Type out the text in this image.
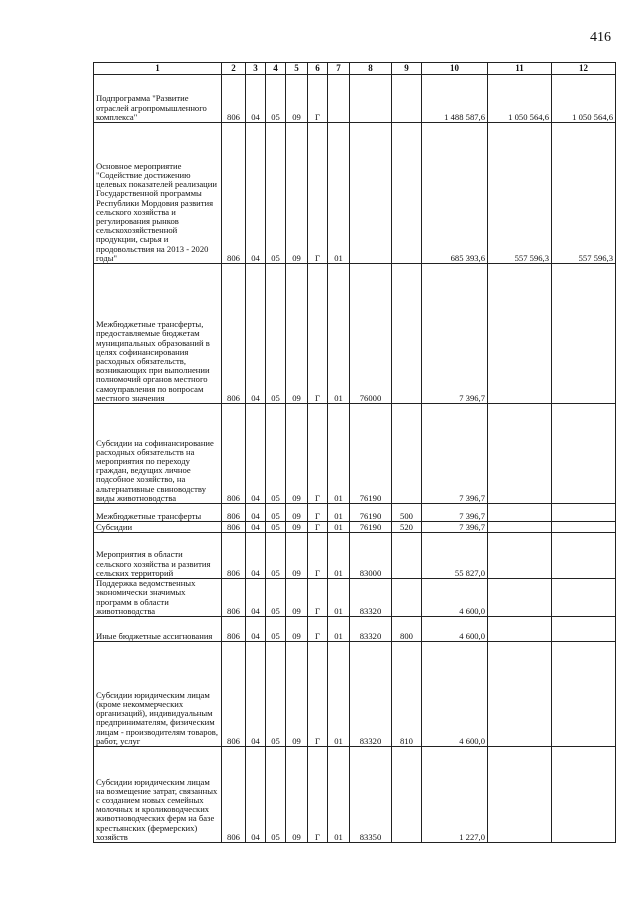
416
1	2	3	4	5	6	7	8	9	10	11	12
Подпрограмма "Развитие отраслей агропромышленного комплекса"	806	04	05	09	Г				1 488 587,6	1 050 564,6	1 050 564,6
Основное мероприятие "Содействие достижению целевых показателей реализации Государственной программы Республики Мордовия развития сельского хозяйства и регулирования рынков сельскохозяйственной продукции, сырья и продовольствия на 2013 - 2020 годы"	806	04	05	09	Г	01			685 393,6	557 596,3	557 596,3
Межбюджетные трансферты, предоставляемые бюджетам муниципальных образований в целях софинансирования расходных обязательств, возникающих при выполнении полномочий органов местного самоуправления по вопросам местного значения	806	04	05	09	Г	01	76000		7 396,7		
Субсидии на софинансирование расходных обязательств на мероприятия по переходу граждан, ведущих личное подсобное хозяйство, на альтернативные свиноводству виды животноводства	806	04	05	09	Г	01	76190		7 396,7		
Межбюджетные трансферты	806	04	05	09	Г	01	76190	500	7 396,7		
Субсидии	806	04	05	09	Г	01	76190	520	7 396,7		
Мероприятия в области сельского хозяйства и развития сельских территорий	806	04	05	09	Г	01	83000		55 827,0		
Поддержка ведомственных экономически значимых программ в области животноводства	806	04	05	09	Г	01	83320		4 600,0		
Иные бюджетные ассигнования	806	04	05	09	Г	01	83320	800	4 600,0		
Субсидии юридическим лицам (кроме некоммерческих организаций), индивидуальным предпринимателям, физическим лицам - производителям товаров, работ, услуг	806	04	05	09	Г	01	83320	810	4 600,0		
Субсидии юридическим лицам на возмещение затрат, связанных с созданием новых семейных молочных и кролиководческих животноводческих ферм на базе крестьянских (фермерских) хозяйств	806	04	05	09	Г	01	83350		1 227,0		
